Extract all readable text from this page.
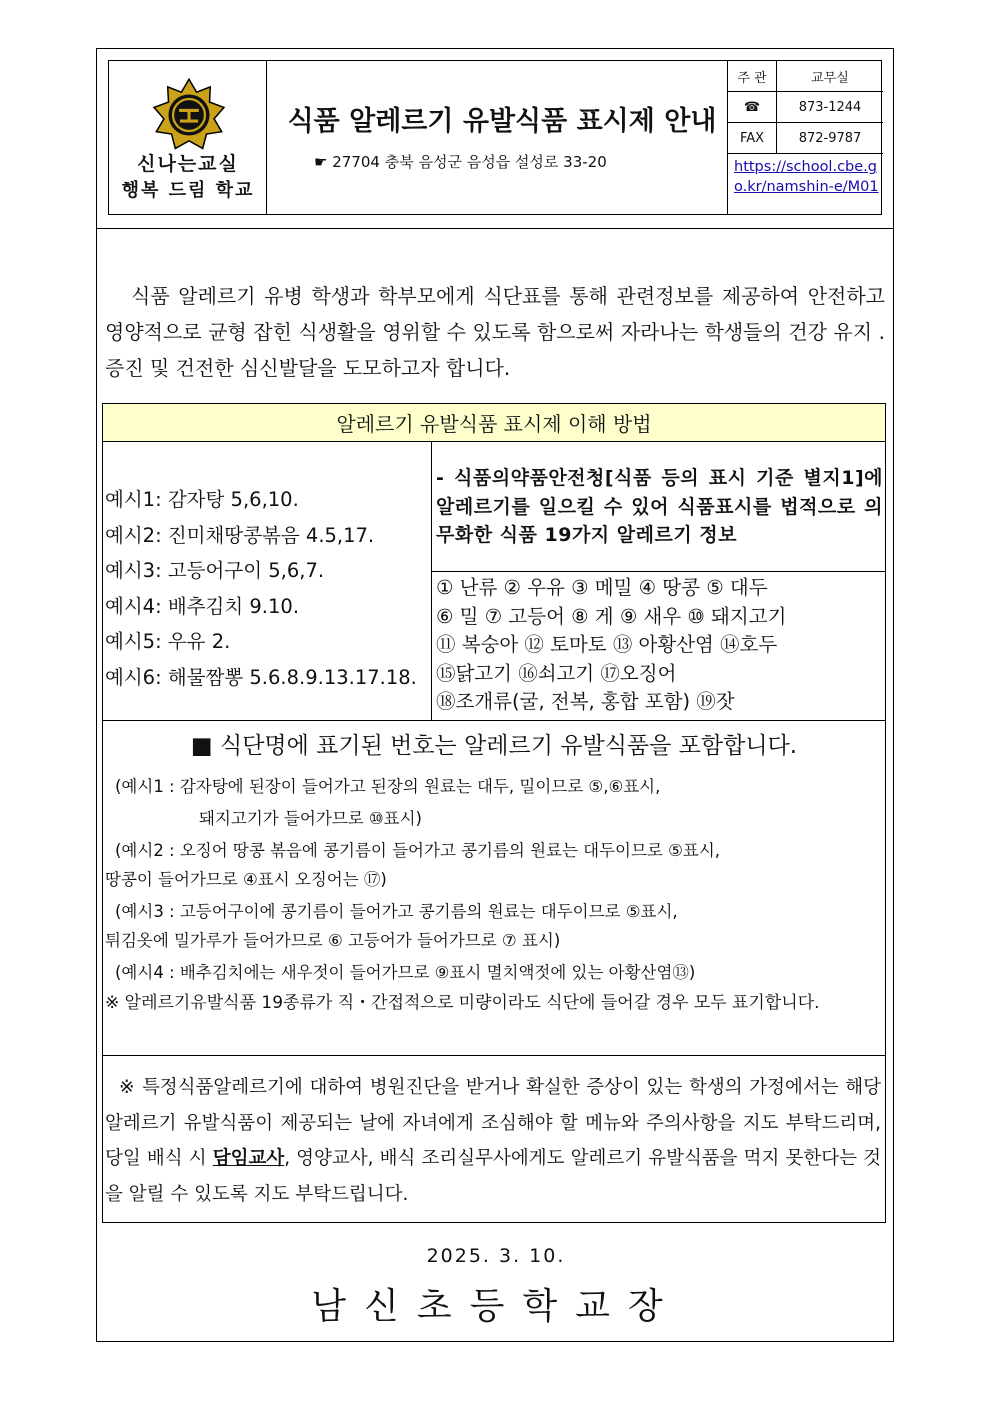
신나는교실
행복 드림 학교
식품 알레르기 유발식품 표시제 안내
☛ 27704 충북 음성군 음성읍 설성로 33-20
주 관	교무실
☎	873-1244
FAX	872-9787
https://school.cbe.go.kr/namshin-e/M01

식품 알레르기 유병 학생과 학부모에게 식단표를 통해 관련정보를 제공하여 안전하고 영양적으로 균형 잡힌 식생활을 영위할 수 있도록 함으로써 자라나는 학생들의 건강 유지 . 증진 및 건전한 심신발달을 도모하고자 합니다.

알레르기 유발식품 표시제 이해 방법
예시1: 감자탕 5,6,10.
예시2: 진미채땅콩볶음 4.5,17.
예시3: 고등어구이 5,6,7.
예시4: 배추김치 9.10.
예시5: 우유 2.
예시6: 해물짬뽕 5.6.8.9.13.17.18.
- 식품의약품안전청[식품 등의 표시 기준 별지1]에 알레르기를 일으킬 수 있어 식품표시를 법적으로 의무화한 식품 19가지 알레르기 정보
① 난류 ② 우유 ③ 메밀 ④ 땅콩 ⑤ 대두
⑥ 밀 ⑦ 고등어 ⑧ 게 ⑨ 새우 ⑩ 돼지고기
⑪ 복숭아 ⑫ 토마토 ⑬ 아황산염 ⑭호두
⑮닭고기 ⑯쇠고기 ⑰오징어
⑱조개류(굴, 전복, 홍합 포함) ⑲잣
■ 식단명에 표기된 번호는 알레르기 유발식품을 포함합니다.
(예시1 : 감자탕에 된장이 들어가고 된장의 원료는 대두, 밀이므로 ⑤,⑥표시,
돼지고기가 들어가므로 ⑩표시)
(예시2 : 오징어 땅콩 볶음에 콩기름이 들어가고 콩기름의 원료는 대두이므로 ⑤표시,
땅콩이 들어가므로 ④표시 오징어는 ⑰)
(예시3 : 고등어구이에 콩기름이 들어가고 콩기름의 원료는 대두이므로 ⑤표시,
튀김옷에 밀가루가 들어가므로 ⑥ 고등어가 들어가므로 ⑦ 표시)
(예시4 : 배추김치에는 새우젓이 들어가므로 ⑨표시 멸치액젓에 있는 아황산염⑬)
※ 알레르기유발식품 19종류가 직・간접적으로 미량이라도 식단에 들어갈 경우 모두 표기합니다.

※ 특정식품알레르기에 대하여 병원진단을 받거나 확실한 증상이 있는 학생의 가정에서는 해당 알레르기 유발식품이 제공되는 날에 자녀에게 조심해야 할 메뉴와 주의사항을 지도 부탁드리며, 당일 배식 시 담임교사, 영양교사, 배식 조리실무사에게도 알레르기 유발식품을 먹지 못한다는 것을 알릴 수 있도록 지도 부탁드립니다.

2025. 3. 10.
남신초등학교장
